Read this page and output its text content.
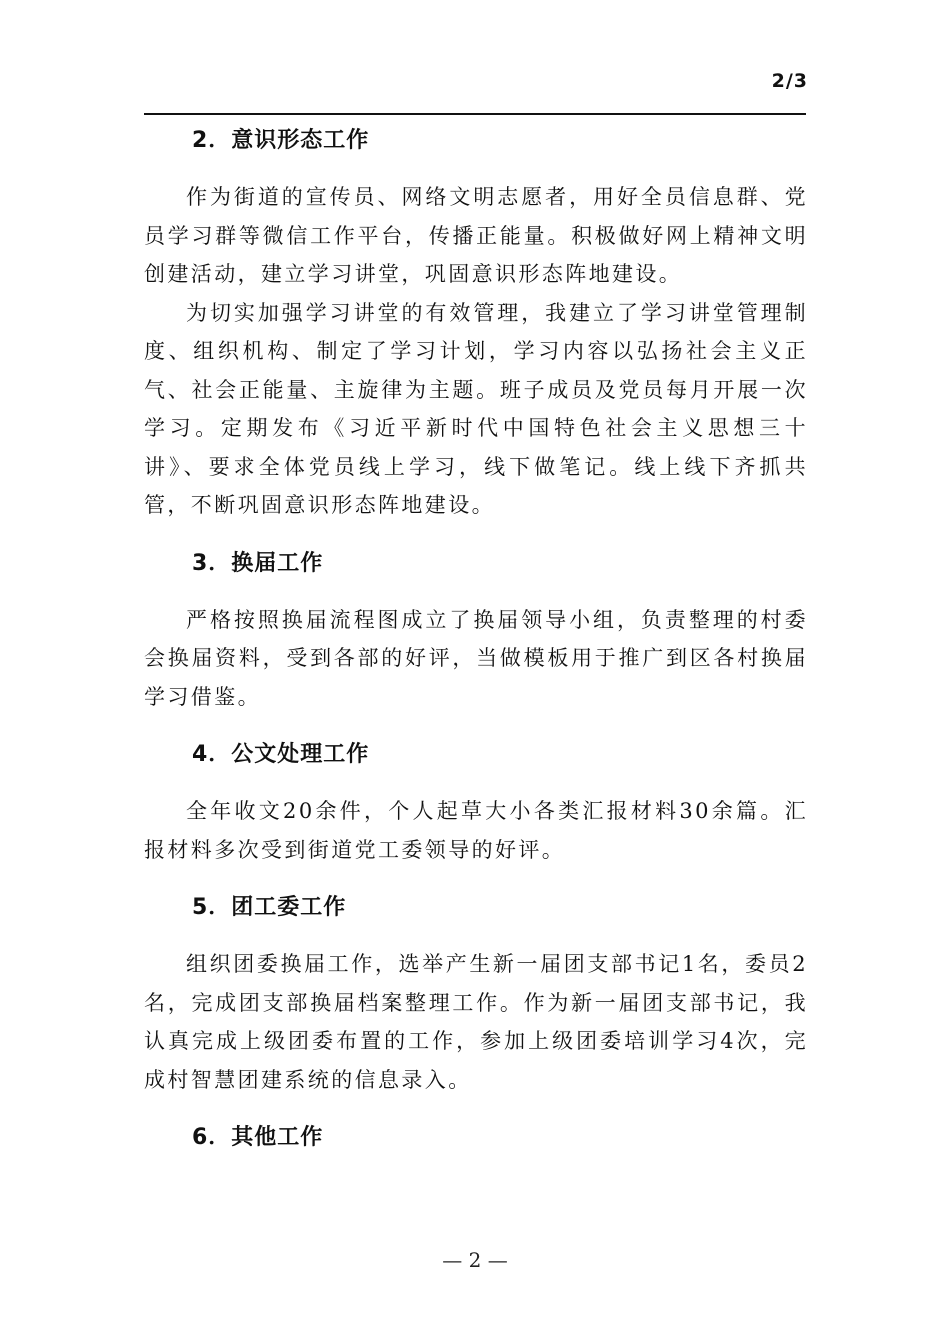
2/3
2．意识形态工作

作为街道的宣传员、网络文明志愿者，用好全员信息群、党员学习群等微信工作平台，传播正能量。积极做好网上精神文明创建活动，建立学习讲堂，巩固意识形态阵地建设。

为切实加强学习讲堂的有效管理，我建立了学习讲堂管理制度、组织机构、制定了学习计划，学习内容以弘扬社会主义正气、社会正能量、主旋律为主题。班子成员及党员每月开展一次学习。定期发布《习近平新时代中国特色社会主义思想三十讲》、要求全体党员线上学习，线下做笔记。线上线下齐抓共管，不断巩固意识形态阵地建设。

3．换届工作

严格按照换届流程图成立了换届领导小组，负责整理的村委会换届资料，受到各部的好评，当做模板用于推广到区各村换届学习借鉴。

4．公文处理工作

全年收文20余件，个人起草大小各类汇报材料30余篇。汇报材料多次受到街道党工委领导的好评。

5．团工委工作

组织团委换届工作，选举产生新一届团支部书记1名，委员2名，完成团支部换届档案整理工作。作为新一届团支部书记，我认真完成上级团委布置的工作，参加上级团委培训学习4次，完成村智慧团建系统的信息录入。

6．其他工作
— 2 —
